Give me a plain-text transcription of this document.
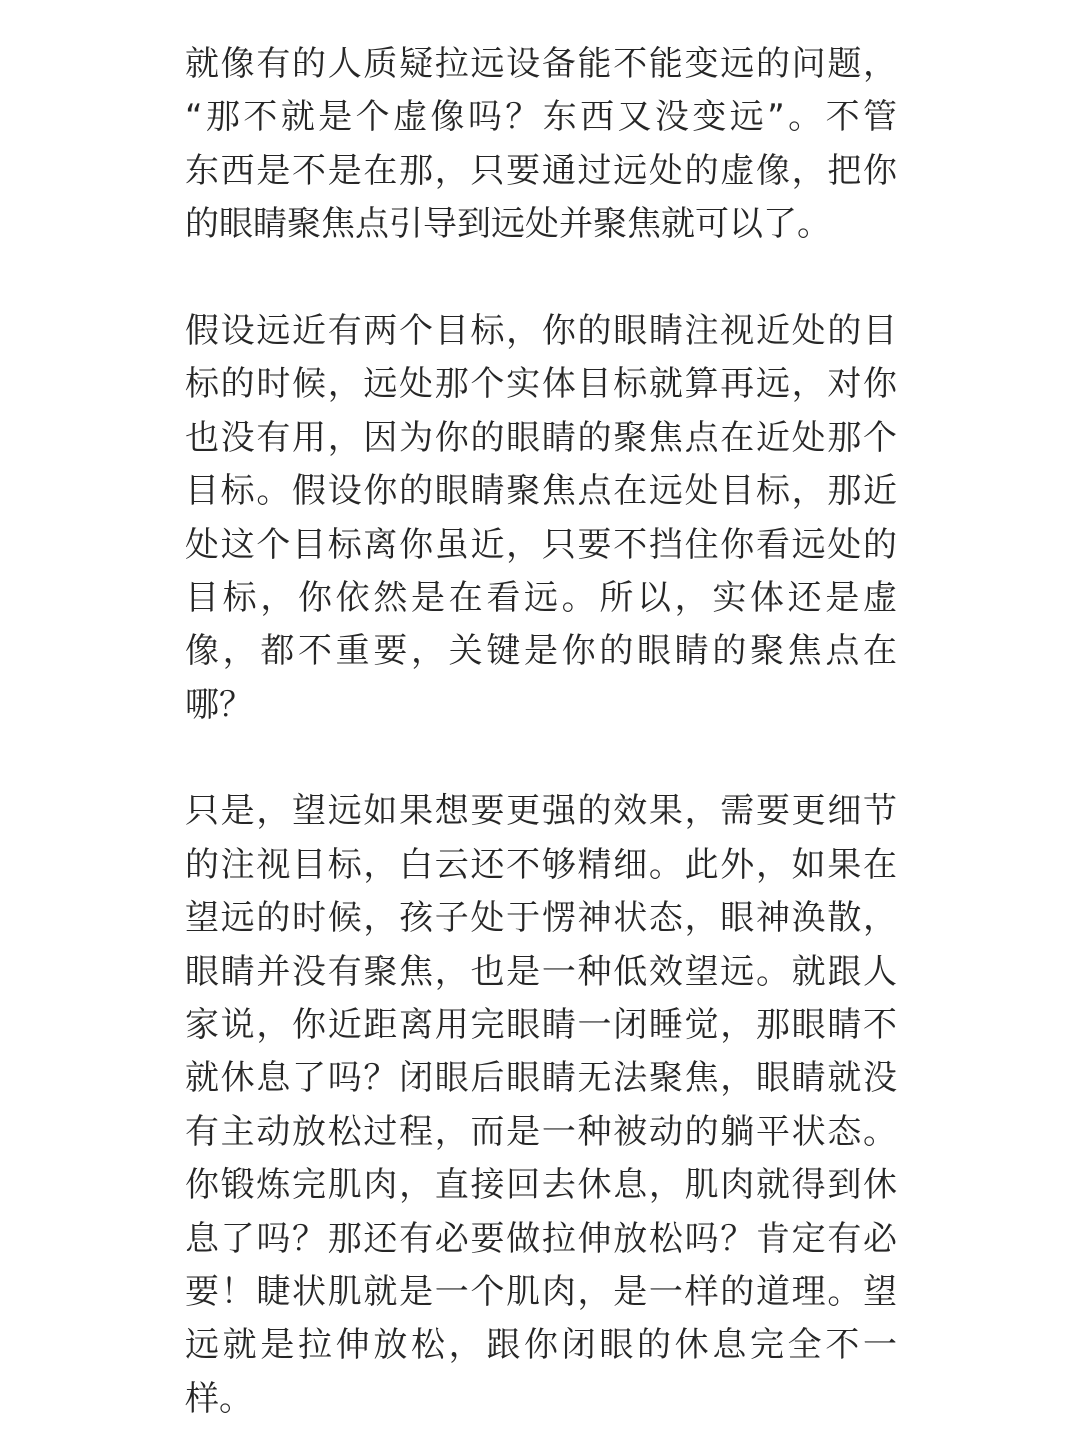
就像有的人质疑拉远设备能不能变远的问题，
“那不就是个虚像吗？东西又没变远”。不管
东西是不是在那，只要通过远处的虚像，把你
的眼睛聚焦点引导到远处并聚焦就可以了。

假设远近有两个目标，你的眼睛注视近处的目
标的时候，远处那个实体目标就算再远，对你
也没有用，因为你的眼睛的聚焦点在近处那个
目标。假设你的眼睛聚焦点在远处目标，那近
处这个目标离你虽近，只要不挡住你看远处的
目标，你依然是在看远。所以，实体还是虚
像，都不重要，关键是你的眼睛的聚焦点在
哪？

只是，望远如果想要更强的效果，需要更细节
的注视目标，白云还不够精细。此外，如果在
望远的时候，孩子处于愣神状态，眼神涣散，
眼睛并没有聚焦，也是一种低效望远。就跟人
家说，你近距离用完眼睛一闭睡觉，那眼睛不
就休息了吗？闭眼后眼睛无法聚焦，眼睛就没
有主动放松过程，而是一种被动的躺平状态。
你锻炼完肌肉，直接回去休息，肌肉就得到休
息了吗？那还有必要做拉伸放松吗？肯定有必
要！睫状肌就是一个肌肉，是一样的道理。望
远就是拉伸放松，跟你闭眼的休息完全不一
样。
